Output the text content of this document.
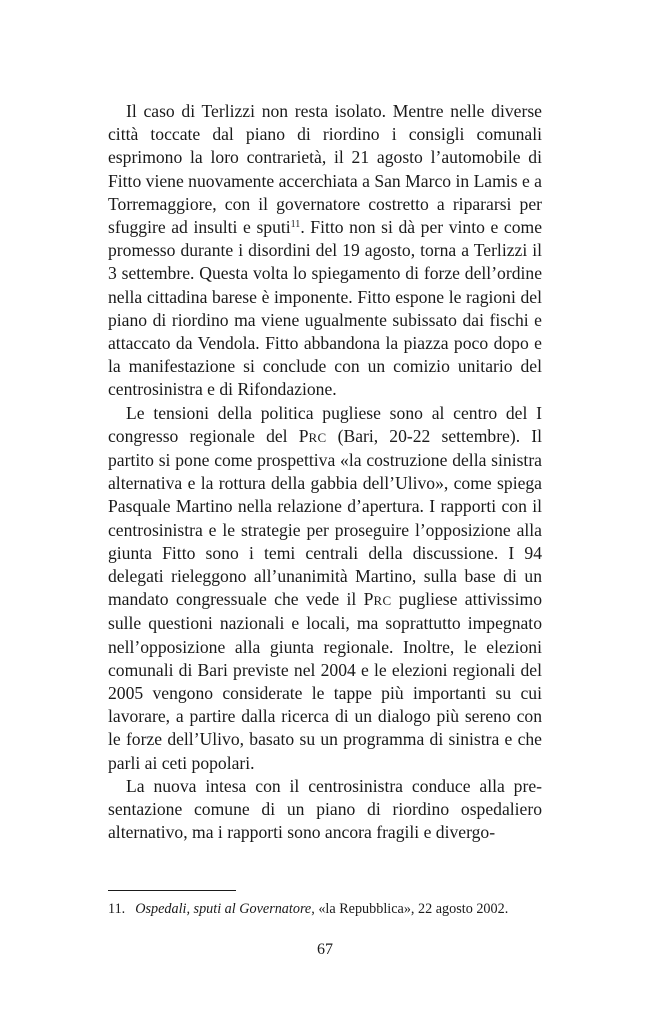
Il caso di Terlizzi non resta isolato. Mentre nelle diverse città toccate dal piano di riordino i consigli comunali esprimono la loro contrarietà, il 21 agosto l’automobile di Fitto viene nuovamente accerchiata a San Marco in Lamis e a Torremaggiore, con il governatore costretto a ripararsi per sfuggire ad insulti e sputi$^{11}$. Fitto non si dà per vinto e come promesso durante i disordini del 19 agosto, torna a Terlizzi il 3 settembre. Questa volta lo spiegamento di forze dell’ordine nella cittadina barese è imponente. Fitto espone le ragioni del piano di riordino ma viene ugualmente subissato dai fischi e attaccato da Vendola. Fitto abbandona la piazza poco dopo e la manifestazione si conclude con un comizio unitario del centrosinistra e di Rifondazione.

Le tensioni della politica pugliese sono al centro del I congresso regionale del PRC (Bari, 20-22 settembre). Il partito si pone come prospettiva «la costruzione della sinistra alternativa e la rottura della gabbia dell’Ulivo», come spiega Pasquale Martino nella relazione d’apertura. I rapporti con il centrosinistra e le strategie per proseguire l’opposizione alla giunta Fitto sono i temi centrali della discussione. I 94 delegati rieleggono all’unanimità Martino, sulla base di un mandato congressuale che vede il PRC pugliese attivissimo sulle questioni nazionali e locali, ma soprattutto impegnato nell’opposizione alla giunta regionale. Inoltre, le elezioni comunali di Bari previste nel 2004 e le elezioni regionali del 2005 vengono considerate le tappe più importanti su cui lavorare, a partire dalla ricerca di un dialogo più sereno con le forze dell’Ulivo, basato su un programma di sinistra e che parli ai ceti popolari.

La nuova intesa con il centrosinistra conduce alla presentazione comune di un piano di riordino ospedaliero alternativo, ma i rapporti sono ancora fragili e divergo-

11. Ospedali, sputi al Governatore, «la Repubblica», 22 agosto 2002.
67
